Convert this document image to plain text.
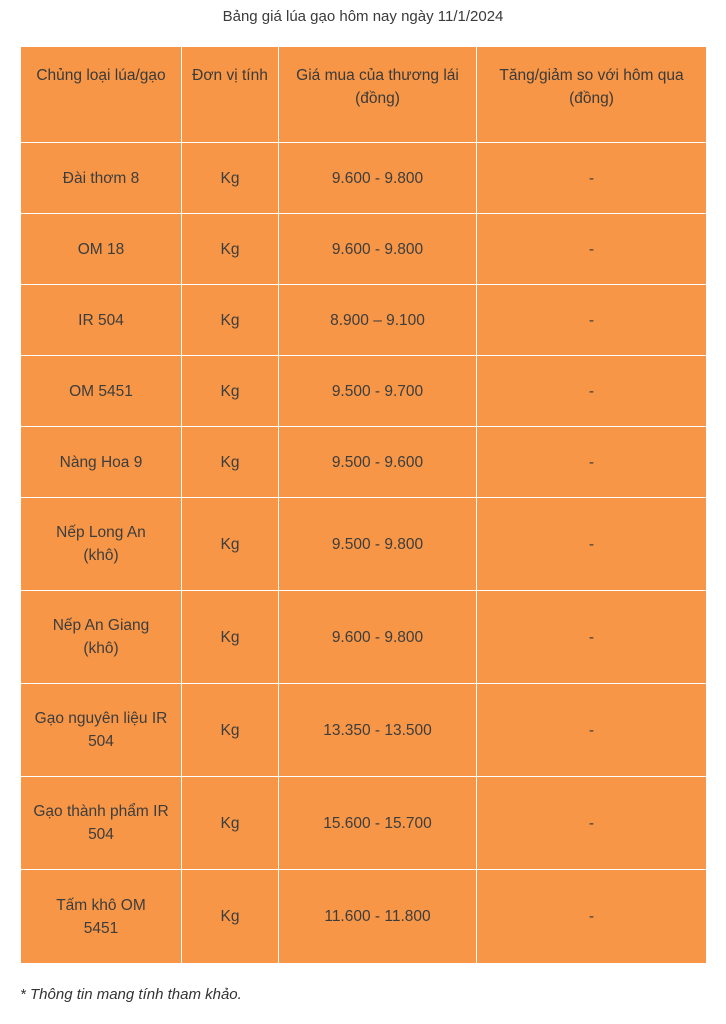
Bảng giá lúa gạo hôm nay ngày 11/1/2024
Chủng loại lúa/gạo	Đơn vị tính	Giá mua của thương lái (đồng)	Tăng/giảm so với hôm qua (đồng)
Đài thơm 8	Kg	9.600 - 9.800	-
OM 18	Kg	9.600 - 9.800	-
IR 504	Kg	8.900 – 9.100	-
OM 5451	Kg	9.500 - 9.700	-
Nàng Hoa 9	Kg	9.500 - 9.600	-
Nếp Long An (khô)	Kg	9.500 - 9.800	-
Nếp An Giang (khô)	Kg	9.600 - 9.800	-
Gạo nguyên liệu IR 504	Kg	13.350 - 13.500	-
Gạo thành phẩm IR 504	Kg	15.600 - 15.700	-
Tấm khô OM 5451	Kg	11.600 - 11.800	-
* Thông tin mang tính tham khảo.
